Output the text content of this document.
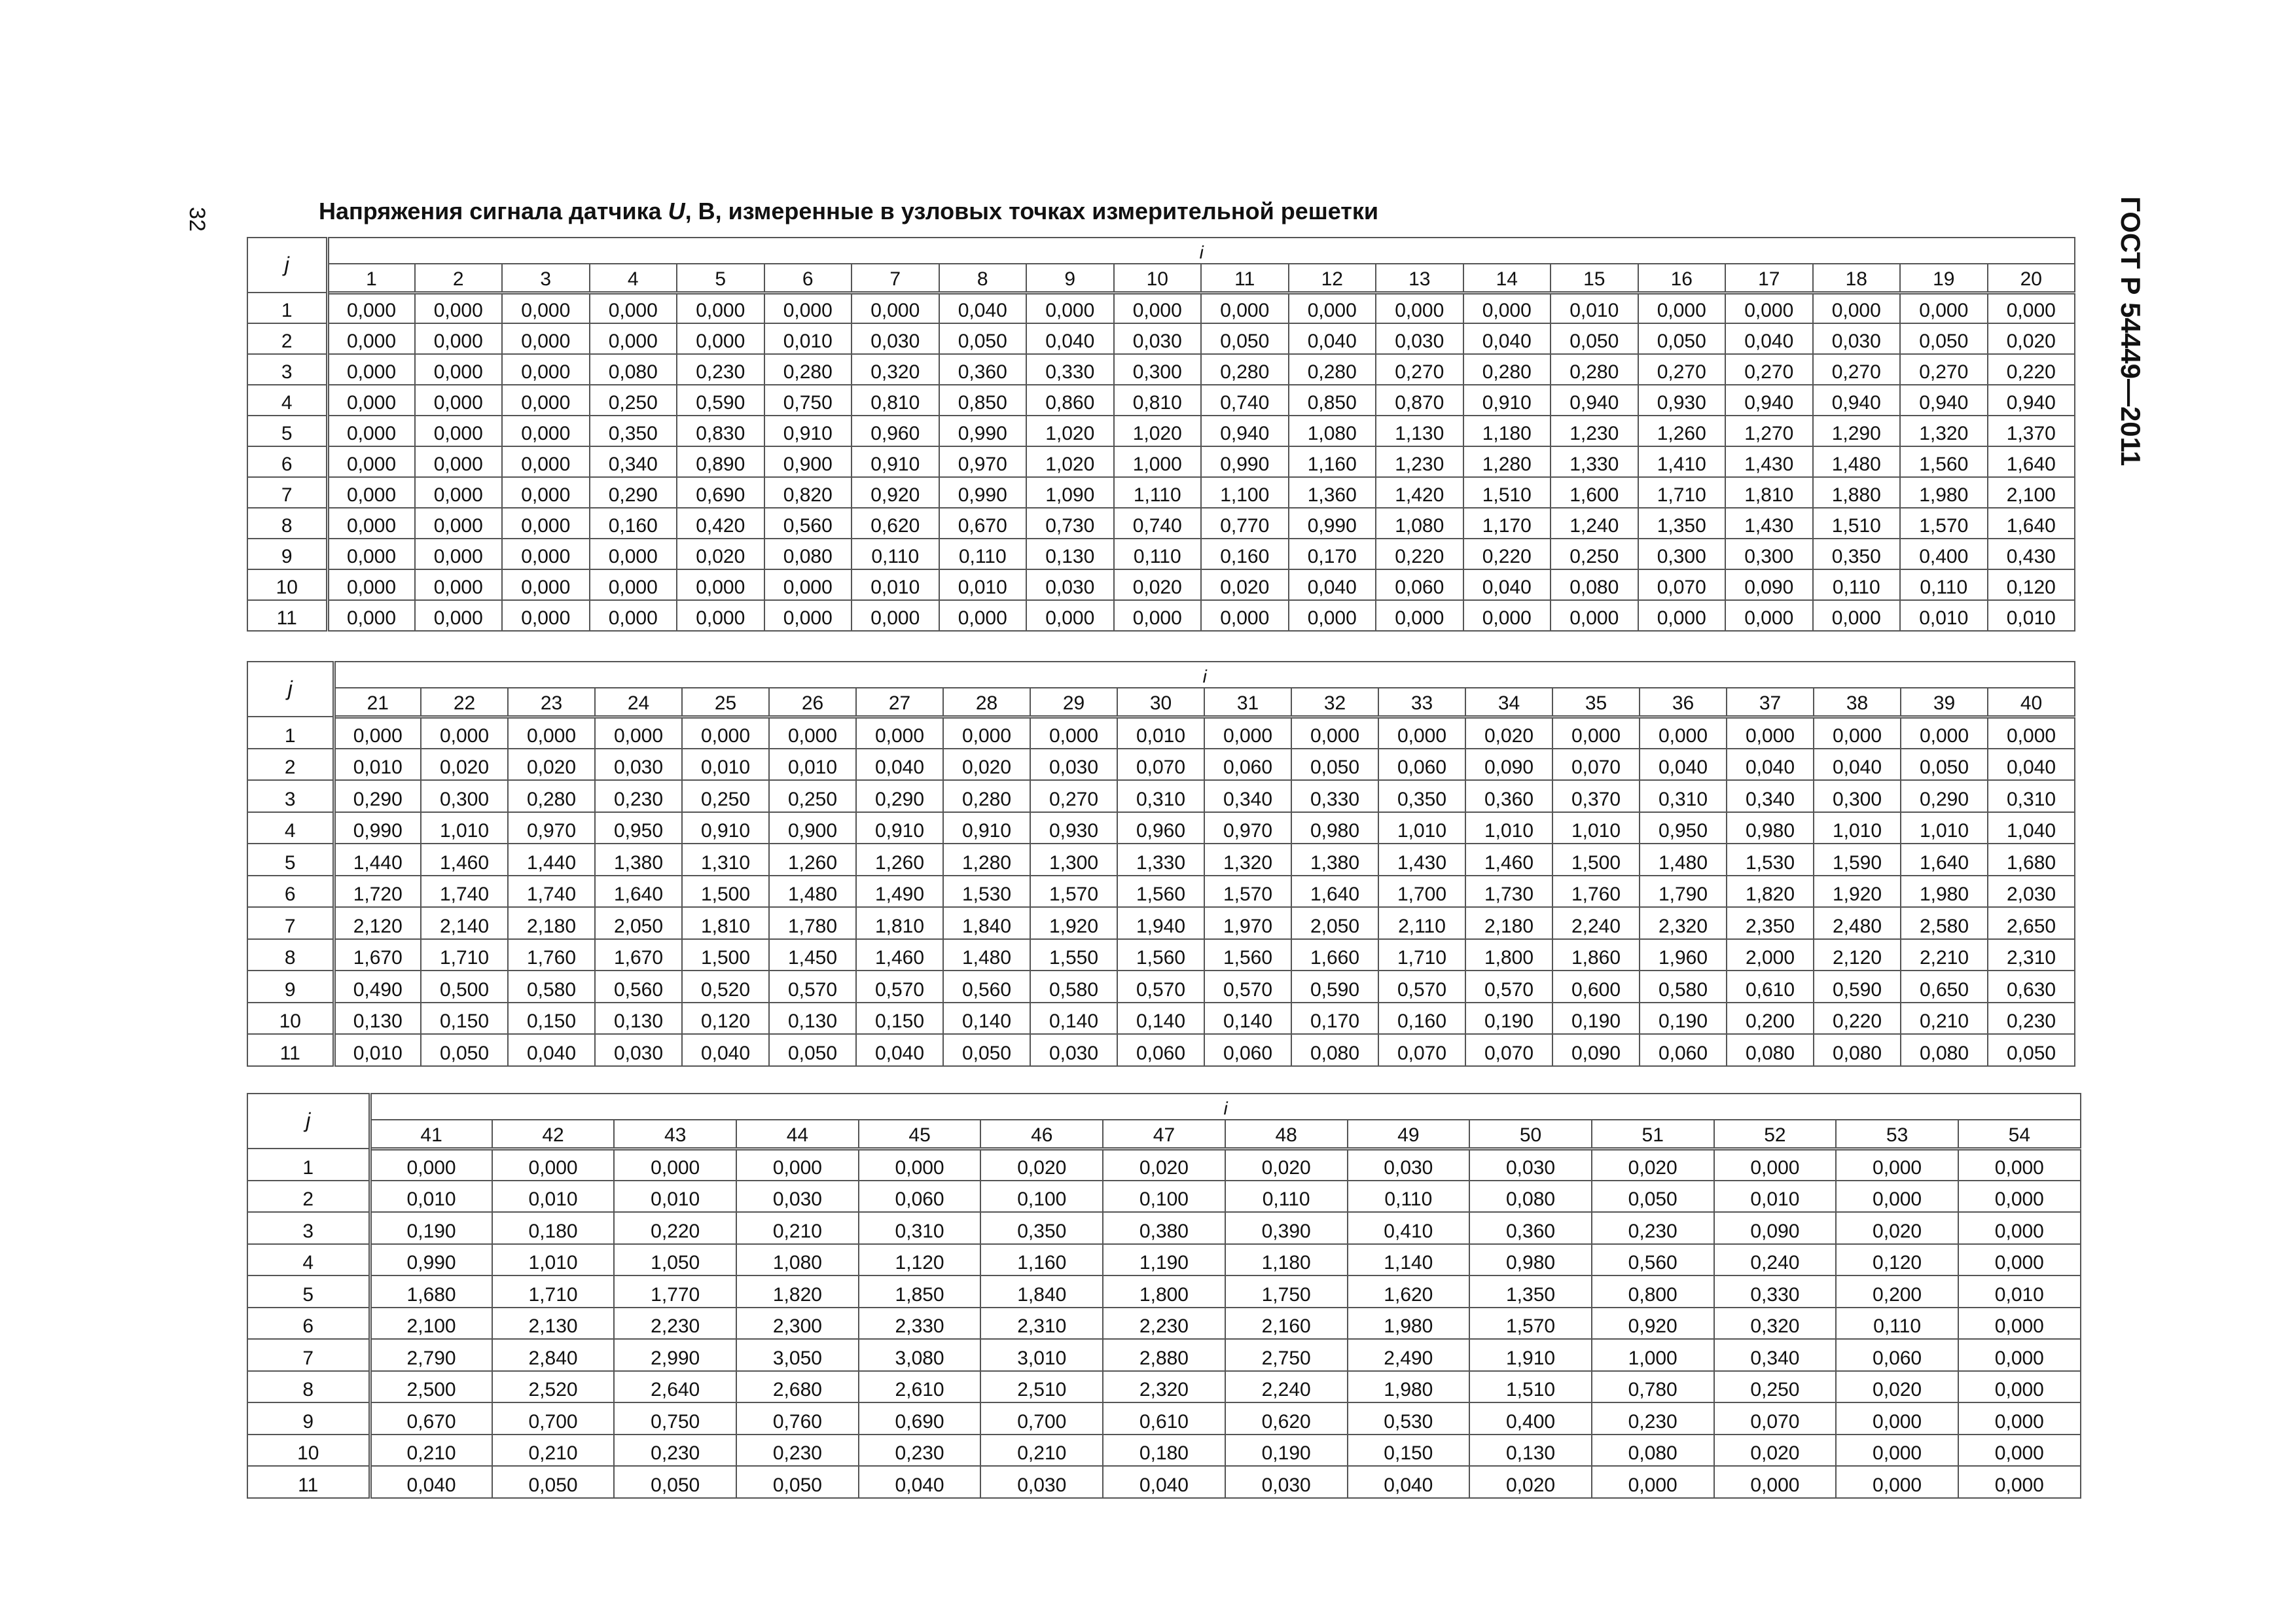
32	ГОСТ Р 54449—2011
Напряжения сигнала датчика U, В, измеренные в узловых точках измерительной решетки
j	i																			
	1	2	3	4	5	6	7	8	9	10	11	12	13	14	15	16	17	18	19	20
1	0,000	0,000	0,000	0,000	0,000	0,000	0,000	0,040	0,000	0,000	0,000	0,000	0,000	0,000	0,010	0,000	0,000	0,000	0,000	0,000
2	0,000	0,000	0,000	0,000	0,000	0,010	0,030	0,050	0,040	0,030	0,050	0,040	0,030	0,040	0,050	0,050	0,040	0,030	0,050	0,020
3	0,000	0,000	0,000	0,080	0,230	0,280	0,320	0,360	0,330	0,300	0,280	0,280	0,270	0,280	0,280	0,270	0,270	0,270	0,270	0,220
4	0,000	0,000	0,000	0,250	0,590	0,750	0,810	0,850	0,860	0,810	0,740	0,850	0,870	0,910	0,940	0,930	0,940	0,940	0,940	0,940
5	0,000	0,000	0,000	0,350	0,830	0,910	0,960	0,990	1,020	1,020	0,940	1,080	1,130	1,180	1,230	1,260	1,270	1,290	1,320	1,370
6	0,000	0,000	0,000	0,340	0,890	0,900	0,910	0,970	1,020	1,000	0,990	1,160	1,230	1,280	1,330	1,410	1,430	1,480	1,560	1,640
7	0,000	0,000	0,000	0,290	0,690	0,820	0,920	0,990	1,090	1,110	1,100	1,360	1,420	1,510	1,600	1,710	1,810	1,880	1,980	2,100
8	0,000	0,000	0,000	0,160	0,420	0,560	0,620	0,670	0,730	0,740	0,770	0,990	1,080	1,170	1,240	1,350	1,430	1,510	1,570	1,640
9	0,000	0,000	0,000	0,000	0,020	0,080	0,110	0,110	0,130	0,110	0,160	0,170	0,220	0,220	0,250	0,300	0,300	0,350	0,400	0,430
10	0,000	0,000	0,000	0,000	0,000	0,000	0,010	0,010	0,030	0,020	0,020	0,040	0,060	0,040	0,080	0,070	0,090	0,110	0,110	0,120
11	0,000	0,000	0,000	0,000	0,000	0,000	0,000	0,000	0,000	0,000	0,000	0,000	0,000	0,000	0,000	0,000	0,000	0,000	0,010	0,010
j	i																			
	21	22	23	24	25	26	27	28	29	30	31	32	33	34	35	36	37	38	39	40
1	0,000	0,000	0,000	0,000	0,000	0,000	0,000	0,000	0,000	0,010	0,000	0,000	0,000	0,020	0,000	0,000	0,000	0,000	0,000	0,000
2	0,010	0,020	0,020	0,030	0,010	0,010	0,040	0,020	0,030	0,070	0,060	0,050	0,060	0,090	0,070	0,040	0,040	0,040	0,050	0,040
3	0,290	0,300	0,280	0,230	0,250	0,250	0,290	0,280	0,270	0,310	0,340	0,330	0,350	0,360	0,370	0,310	0,340	0,300	0,290	0,310
4	0,990	1,010	0,970	0,950	0,910	0,900	0,910	0,910	0,930	0,960	0,970	0,980	1,010	1,010	1,010	0,950	0,980	1,010	1,010	1,040
5	1,440	1,460	1,440	1,380	1,310	1,260	1,260	1,280	1,300	1,330	1,320	1,380	1,430	1,460	1,500	1,480	1,530	1,590	1,640	1,680
6	1,720	1,740	1,740	1,640	1,500	1,480	1,490	1,530	1,570	1,560	1,570	1,640	1,700	1,730	1,760	1,790	1,820	1,920	1,980	2,030
7	2,120	2,140	2,180	2,050	1,810	1,780	1,810	1,840	1,920	1,940	1,970	2,050	2,110	2,180	2,240	2,320	2,350	2,480	2,580	2,650
8	1,670	1,710	1,760	1,670	1,500	1,450	1,460	1,480	1,550	1,560	1,560	1,660	1,710	1,800	1,860	1,960	2,000	2,120	2,210	2,310
9	0,490	0,500	0,580	0,560	0,520	0,570	0,570	0,560	0,580	0,570	0,570	0,590	0,570	0,570	0,600	0,580	0,610	0,590	0,650	0,630
10	0,130	0,150	0,150	0,130	0,120	0,130	0,150	0,140	0,140	0,140	0,140	0,170	0,160	0,190	0,190	0,190	0,200	0,220	0,210	0,230
11	0,010	0,050	0,040	0,030	0,040	0,050	0,040	0,050	0,030	0,060	0,060	0,080	0,070	0,070	0,090	0,060	0,080	0,080	0,080	0,050
j	i													
	41	42	43	44	45	46	47	48	49	50	51	52	53	54
1	0,000	0,000	0,000	0,000	0,000	0,020	0,020	0,020	0,030	0,030	0,020	0,000	0,000	0,000
2	0,010	0,010	0,010	0,030	0,060	0,100	0,100	0,110	0,110	0,080	0,050	0,010	0,000	0,000
3	0,190	0,180	0,220	0,210	0,310	0,350	0,380	0,390	0,410	0,360	0,230	0,090	0,020	0,000
4	0,990	1,010	1,050	1,080	1,120	1,160	1,190	1,180	1,140	0,980	0,560	0,240	0,120	0,000
5	1,680	1,710	1,770	1,820	1,850	1,840	1,800	1,750	1,620	1,350	0,800	0,330	0,200	0,010
6	2,100	2,130	2,230	2,300	2,330	2,310	2,230	2,160	1,980	1,570	0,920	0,320	0,110	0,000
7	2,790	2,840	2,990	3,050	3,080	3,010	2,880	2,750	2,490	1,910	1,000	0,340	0,060	0,000
8	2,500	2,520	2,640	2,680	2,610	2,510	2,320	2,240	1,980	1,510	0,780	0,250	0,020	0,000
9	0,670	0,700	0,750	0,760	0,690	0,700	0,610	0,620	0,530	0,400	0,230	0,070	0,000	0,000
10	0,210	0,210	0,230	0,230	0,230	0,210	0,180	0,190	0,150	0,130	0,080	0,020	0,000	0,000
11	0,040	0,050	0,050	0,050	0,040	0,030	0,040	0,030	0,040	0,020	0,000	0,000	0,000	0,000
